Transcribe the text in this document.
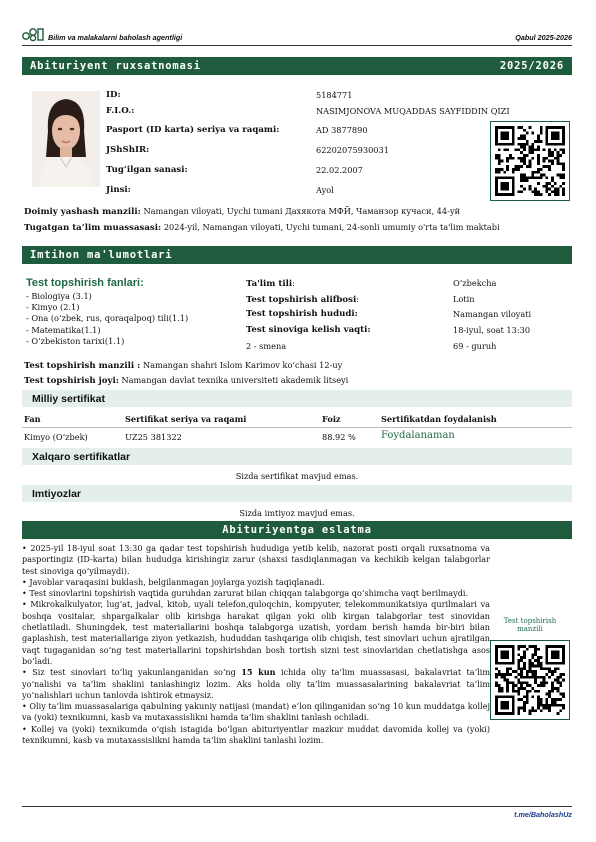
Bilim va malakalarni baholash agentligi	Qabul 2025-2026
Abituriyent ruxsatnomasi	2025/2026
ID:	5184771
F.I.O.:	NASIMJONOVA MUQADDAS SAYFIDDIN QIZI
Pasport (ID karta) seriya va raqami:	AD 3877890
JShShIR:	62202075930031
Tug‘ilgan sanasi:	22.02.2007
Jinsi:	Ayol
Doimiy yashash manzili: Namangan viloyati, Uychi tumani Дахякота МФЙ, Чаманзор кучаси, 44-уй
Tugatgan ta’lim muassasasi: 2024-yil, Namangan viloyati, Uychi tumani, 24-sonli umumiy o'rta ta'lim maktabi
Imtihon ma'lumotlari
Test topshirish fanlari:
- Biologiya (3.1)
- Kimyo (2.1)
- Ona (o‘zbek, rus, qoraqalpoq) tili(1.1)
- Matematika(1.1)
- O‘zbekiston tarixi(1.1)
Ta'lim tili:	O‘zbekcha
Test topshirish alifbosi:	Lotin
Test topshirish hududi:	Namangan viloyati
Test sinoviga kelish vaqti:	18-iyul, soat 13:30
2 - smena	69 - guruh
Test topshirish manzili : Namangan shahri Islom Karimov ko‘chasi 12-uy
Test topshirish joyi: Namangan davlat texnika universiteti akademik litseyi
Milliy sertifikat
Fan	Sertifikat seriya va raqami	Foiz	Sertifikatdan foydalanish
Kimyo (O‘zbek)	UZ25 381322	88.92 %	Foydalanaman
Xalqaro sertifikatlar
Sizda sertifikat mavjud emas.
Imtiyozlar
Sizda imtiyoz mavjud emas.
Abituriyentga eslatma

• 2025-yil 18-iyul soat 13:30 ga qadar test topshirish hududiga yetib kelib, nazorat posti orqali ruxsatnoma va pasportingiz (ID-karta) bilan hududga kirishingiz zarur (shaxsi tasdiqlanmagan va kechikib kelgan talabgorlar test sinoviga qo‘yilmaydi).

• Javoblar varaqasini buklash, belgilanmagan joylarga yozish taqiqlanadi.

• Test sinovlarini topshirish vaqtida guruhdan zarurat bilan chiqqan talabgorga qo‘shimcha vaqt berilmaydi.

• Mikrokalkulyator, lug‘at, jadval, kitob, uyali telefon,quloqchin, kompyuter, telekommunikatsiya qurilmalari va boshqa vositalar, shpargalkalar olib kirishga harakat qilgan yoki olib kirgan talabgorlar test sinovidan chetlatiladi. Shuningdek, test materiallarini boshqa talabgorga uzatish, yordam berish hamda bir-biri bilan gaplashish, test materiallariga ziyon yetkazish, hududdan tashqariga olib chiqish, test sinovlari uchun ajratilgan vaqt tugaganidan so‘ng test materiallarini topshirishdan bosh tortish sizni test sinovlaridan chetlatishga asos bo‘ladi.

• Siz test sinovlari to‘liq yakunlanganidan so‘ng 15 kun ichida oliy ta’lim muassasasi, bakalavriat ta’lim yo‘nalishi va ta’lim shaklini tanlashingiz lozim. Aks holda oliy ta’lim muassasalarining bakalavriat ta’lim yo‘nalishlari uchun tanlovda ishtirok etmaysiz.

• Oliy ta’lim muassasalariga qabulning yakuniy natijasi (mandat) e’lon qilinganidan so‘ng 10 kun muddatga kollej va (yoki) texnikumni, kasb va mutaxassislikni hamda ta’lim shaklini tanlash ochiladi.

• Kollej va (yoki) texnikumda o‘qish istagida bo‘lgan abituriyentlar mazkur muddat davomida kollej va (yoki) texnikumni, kasb va mutaxassislikni hamda ta’lim shaklini tanlashi lozim.

Test topshirish manzili
t.me/BaholashUz
